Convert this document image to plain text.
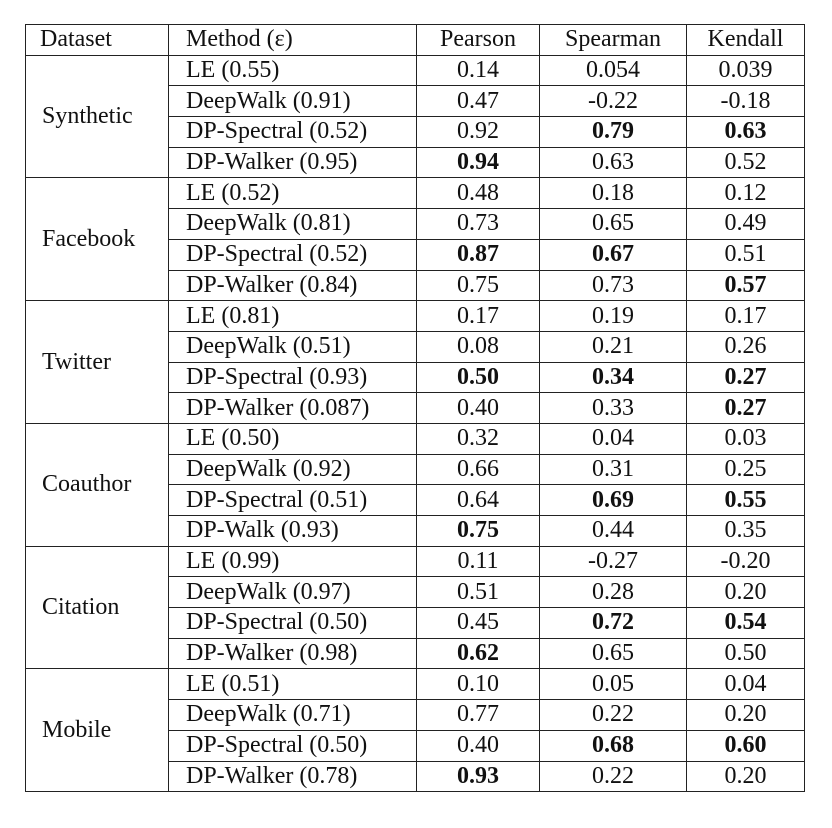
Dataset	Method (ε)	Pearson	Spearman	Kendall
Synthetic	LE (0.55)	0.14	0.054	0.039
	DeepWalk (0.91)	0.47	-0.22	-0.18
	DP-Spectral (0.52)	0.92	0.79	0.63
	DP-Walker (0.95)	0.94	0.63	0.52
Facebook	LE (0.52)	0.48	0.18	0.12
	DeepWalk (0.81)	0.73	0.65	0.49
	DP-Spectral (0.52)	0.87	0.67	0.51
	DP-Walker (0.84)	0.75	0.73	0.57
Twitter	LE (0.81)	0.17	0.19	0.17
	DeepWalk (0.51)	0.08	0.21	0.26
	DP-Spectral (0.93)	0.50	0.34	0.27
	DP-Walker (0.087)	0.40	0.33	0.27
Coauthor	LE (0.50)	0.32	0.04	0.03
	DeepWalk (0.92)	0.66	0.31	0.25
	DP-Spectral (0.51)	0.64	0.69	0.55
	DP-Walk (0.93)	0.75	0.44	0.35
Citation	LE (0.99)	0.11	-0.27	-0.20
	DeepWalk (0.97)	0.51	0.28	0.20
	DP-Spectral (0.50)	0.45	0.72	0.54
	DP-Walker (0.98)	0.62	0.65	0.50
Mobile	LE (0.51)	0.10	0.05	0.04
	DeepWalk (0.71)	0.77	0.22	0.20
	DP-Spectral (0.50)	0.40	0.68	0.60
	DP-Walker (0.78)	0.93	0.22	0.20
